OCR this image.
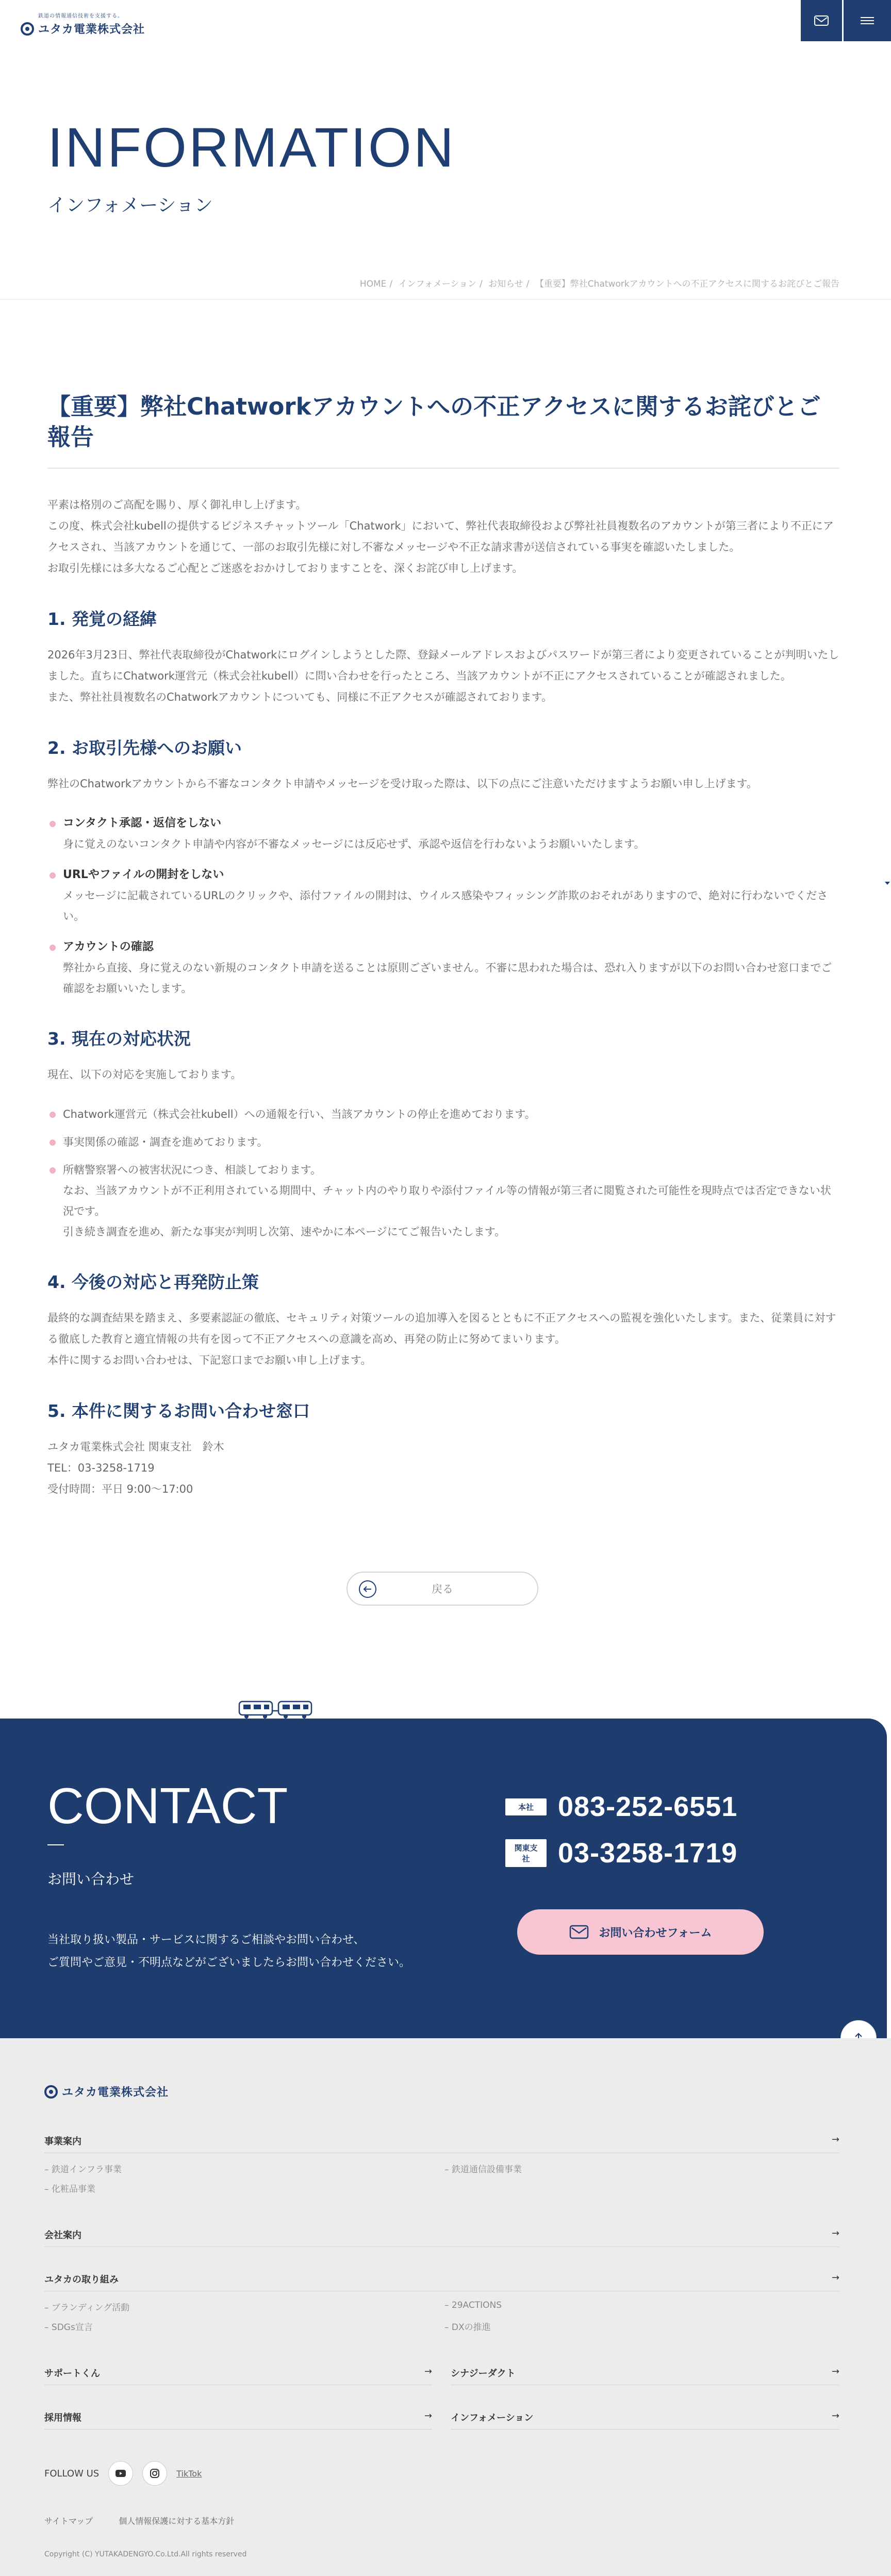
鉄道の情報通信技術を支援する。
ユタカ電業株式会社
INFORMATION
インフォメーション
HOME / インフォメーション / お知らせ / 【重要】弊社Chatworkアカウントへの不正アクセスに関するお詫びとご報告
【重要】弊社Chatworkアカウントへの不正アクセスに関するお詫びとご報告

平素は格別のご高配を賜り、厚く御礼申し上げます。

この度、株式会社kubellの提供するビジネスチャットツール「Chatwork」において、弊社代表取締役および弊社社員複数名のアカウントが第三者により不正にアクセスされ、当該アカウントを通じて、一部のお取引先様に対し不審なメッセージや不正な請求書が送信されている事実を確認いたしました。

お取引先様には多大なるご心配とご迷惑をおかけしておりますことを、深くお詫び申し上げます。

1. 発覚の経緯

2026年3月23日、弊社代表取締役がChatworkにログインしようとした際、登録メールアドレスおよびパスワードが第三者により変更されていることが判明いたしました。直ちにChatwork運営元（株式会社kubell）に問い合わせを行ったところ、当該アカウントが不正にアクセスされていることが確認されました。

また、弊社社員複数名のChatworkアカウントについても、同様に不正アクセスが確認されております。

2. お取引先様へのお願い

弊社のChatworkアカウントから不審なコンタクト申請やメッセージを受け取った際は、以下の点にご注意いただけますようお願い申し上げます。

コンタクト承認・返信をしない
身に覚えのないコンタクト申請や内容が不審なメッセージには反応せず、承認や返信を行わないようお願いいたします。
URLやファイルの開封をしない
メッセージに記載されているURLのクリックや、添付ファイルの開封は、ウイルス感染やフィッシング詐欺のおそれがありますので、絶対に行わないでください。
アカウントの確認
弊社から直接、身に覚えのない新規のコンタクト申請を送ることは原則ございません。不審に思われた場合は、恐れ入りますが以下のお問い合わせ窓口までご確認をお願いいたします。
3. 現在の対応状況

現在、以下の対応を実施しております。

Chatwork運営元（株式会社kubell）への通報を行い、当該アカウントの停止を進めております。
事実関係の確認・調査を進めております。
所轄警察署への被害状況につき、相談しております。
なお、当該アカウントが不正利用されている期間中、チャット内のやり取りや添付ファイル等の情報が第三者に閲覧された可能性を現時点では否定できない状況です。
引き続き調査を進め、新たな事実が判明し次第、速やかに本ページにてご報告いたします。
4. 今後の対応と再発防止策

最終的な調査結果を踏まえ、多要素認証の徹底、セキュリティ対策ツールの追加導入を図るとともに不正アクセスへの監視を強化いたします。また、従業員に対する徹底した教育と適宜情報の共有を図って不正アクセスへの意識を高め、再発の防止に努めてまいります。

本件に関するお問い合わせは、下記窓口までお願い申し上げます。

5. 本件に関するお問い合わせ窓口

ユタカ電業株式会社 関東支社　鈴木

TEL：03-3258-1719

受付時間：平日 9:00〜17:00

戻る
CONTACT
お問い合わせ
当社取り扱い製品・サービスに関するご相談やお問い合わせ、
ご質問やご意見・不明点などがございましたらお問い合わせください。
本社 083-252-6551
関東支社	03-3258-1719
お問い合わせフォーム
ユタカ電業株式会社
事業案内	→
– 鉄道インフラ事業	– 鉄道通信設備事業
– 化粧品事業
会社案内	→
ユタカの取り組み	→
– ブランディング活動	– 29ACTIONS
– SDGs宣言	– DXの推進
サポートくん	→ シナジーダクト	→
採用情報	→ インフォメーション	→
FOLLOW US	TikTok
サイトマップ	個人情報保護に対する基本方針
Copyright (C) YUTAKADENGYO.Co.Ltd.All rights reserved
